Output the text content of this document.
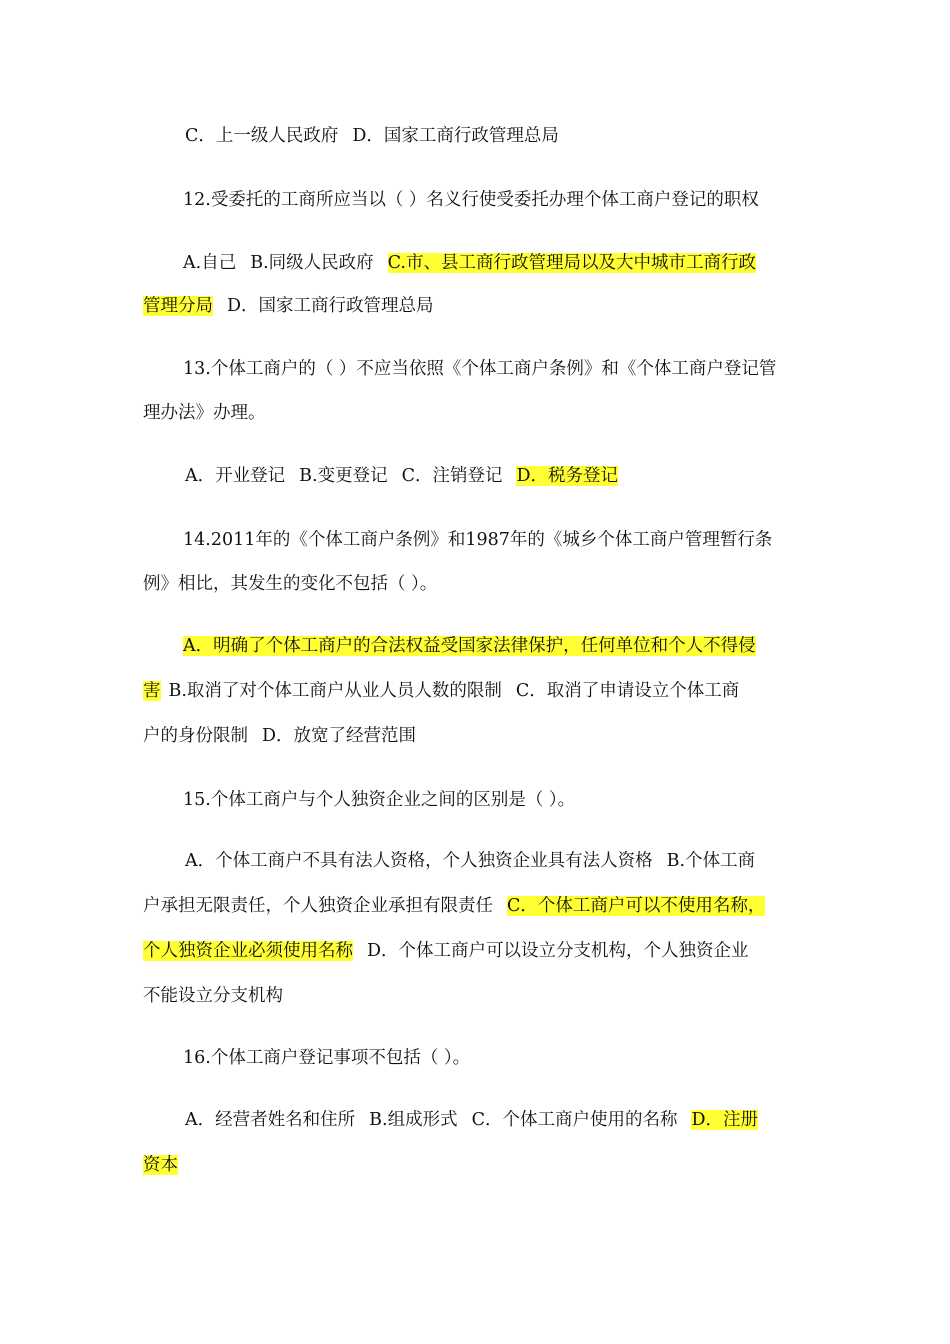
C．上一级人民政府 D．国家工商行政管理总局
12.受委托的工商所应当以（ ）名义行使受委托办理个体工商户登记的职权
A.自己 B.同级人民政府 C.市、县工商行政管理局以及大中城市工商行政
管理分局 D．国家工商行政管理总局
13.个体工商户的（ ）不应当依照《个体工商户条例》和《个体工商户登记管
理办法》办理。
A．开业登记 B.变更登记 C．注销登记 D．税务登记
14.2011年的《个体工商户条例》和1987年的《城乡个体工商户管理暂行条
例》相比，其发生的变化不包括（ ）。
A．明确了个体工商户的合法权益受国家法律保护，任何单位和个人不得侵
害 B.取消了对个体工商户从业人员人数的限制 C．取消了申请设立个体工商
户的身份限制 D．放宽了经营范围
15.个体工商户与个人独资企业之间的区别是（ ）。
A．个体工商户不具有法人资格，个人独资企业具有法人资格 B.个体工商
户承担无限责任，个人独资企业承担有限责任 C．个体工商户可以不使用名称，
个人独资企业必须使用名称 D．个体工商户可以设立分支机构，个人独资企业
不能设立分支机构
16.个体工商户登记事项不包括（ ）。
A．经营者姓名和住所 B.组成形式 C．个体工商户使用的名称 D．注册
资本
